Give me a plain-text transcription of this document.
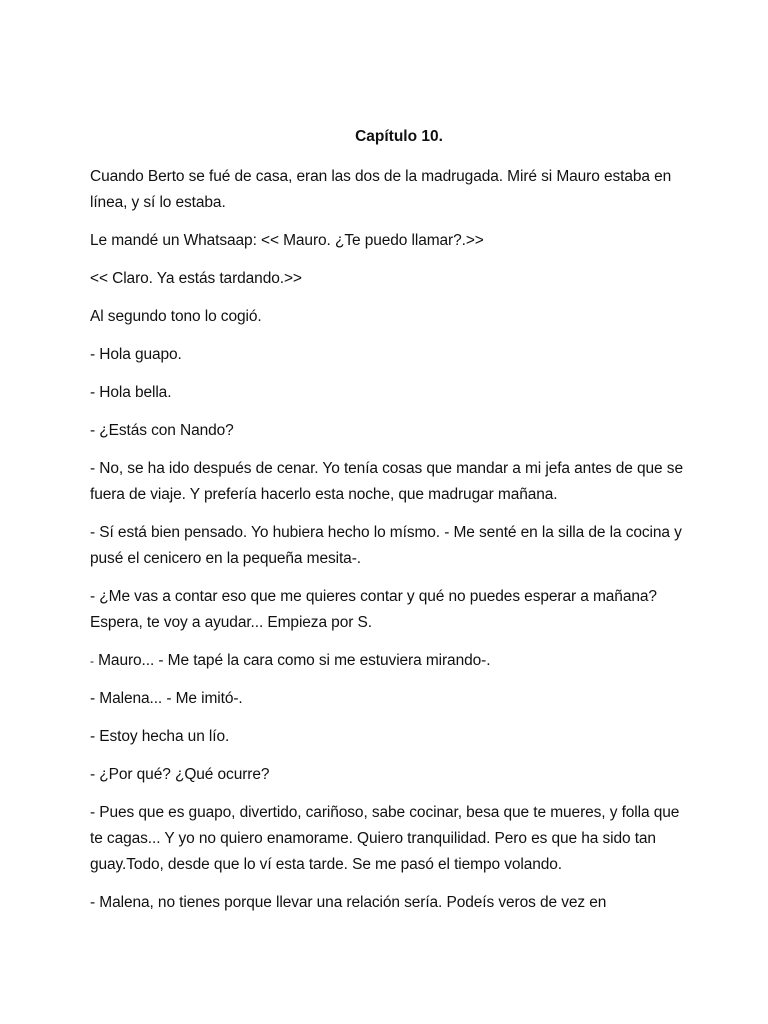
Capítulo 10.

Cuando Berto se fué de casa, eran las dos de la madrugada. Miré si Mauro estaba en línea, y sí lo estaba.

Le mandé un Whatsaap: << Mauro. ¿Te puedo llamar?.>>

<< Claro. Ya estás tardando.>>

Al segundo tono lo cogió.

- Hola guapo.

- Hola bella.

- ¿Estás con Nando?

- No, se ha ido después de cenar. Yo tenía cosas que mandar a mi jefa antes de que se fuera de viaje. Y prefería hacerlo esta noche, que madrugar mañana.

- Sí está bien pensado. Yo hubiera hecho lo mísmo. - Me senté en la silla de la cocina y pusé el cenicero en la pequeña mesita-.

- ¿Me vas a contar eso que me quieres contar y qué no puedes esperar a mañana? Espera, te voy a ayudar... Empieza por S.

- Mauro... - Me tapé la cara como si me estuviera mirando-.

- Malena... - Me imitó-.

- Estoy hecha un lío.

- ¿Por qué? ¿Qué ocurre?

- Pues que es guapo, divertido, cariñoso, sabe cocinar, besa que te mueres, y folla que te cagas... Y yo no quiero enamorame. Quiero tranquilidad. Pero es que ha sido tan guay.Todo, desde que lo ví esta tarde. Se me pasó el tiempo volando.

- Malena, no tienes porque llevar una relación sería. Podeís veros de vez en
